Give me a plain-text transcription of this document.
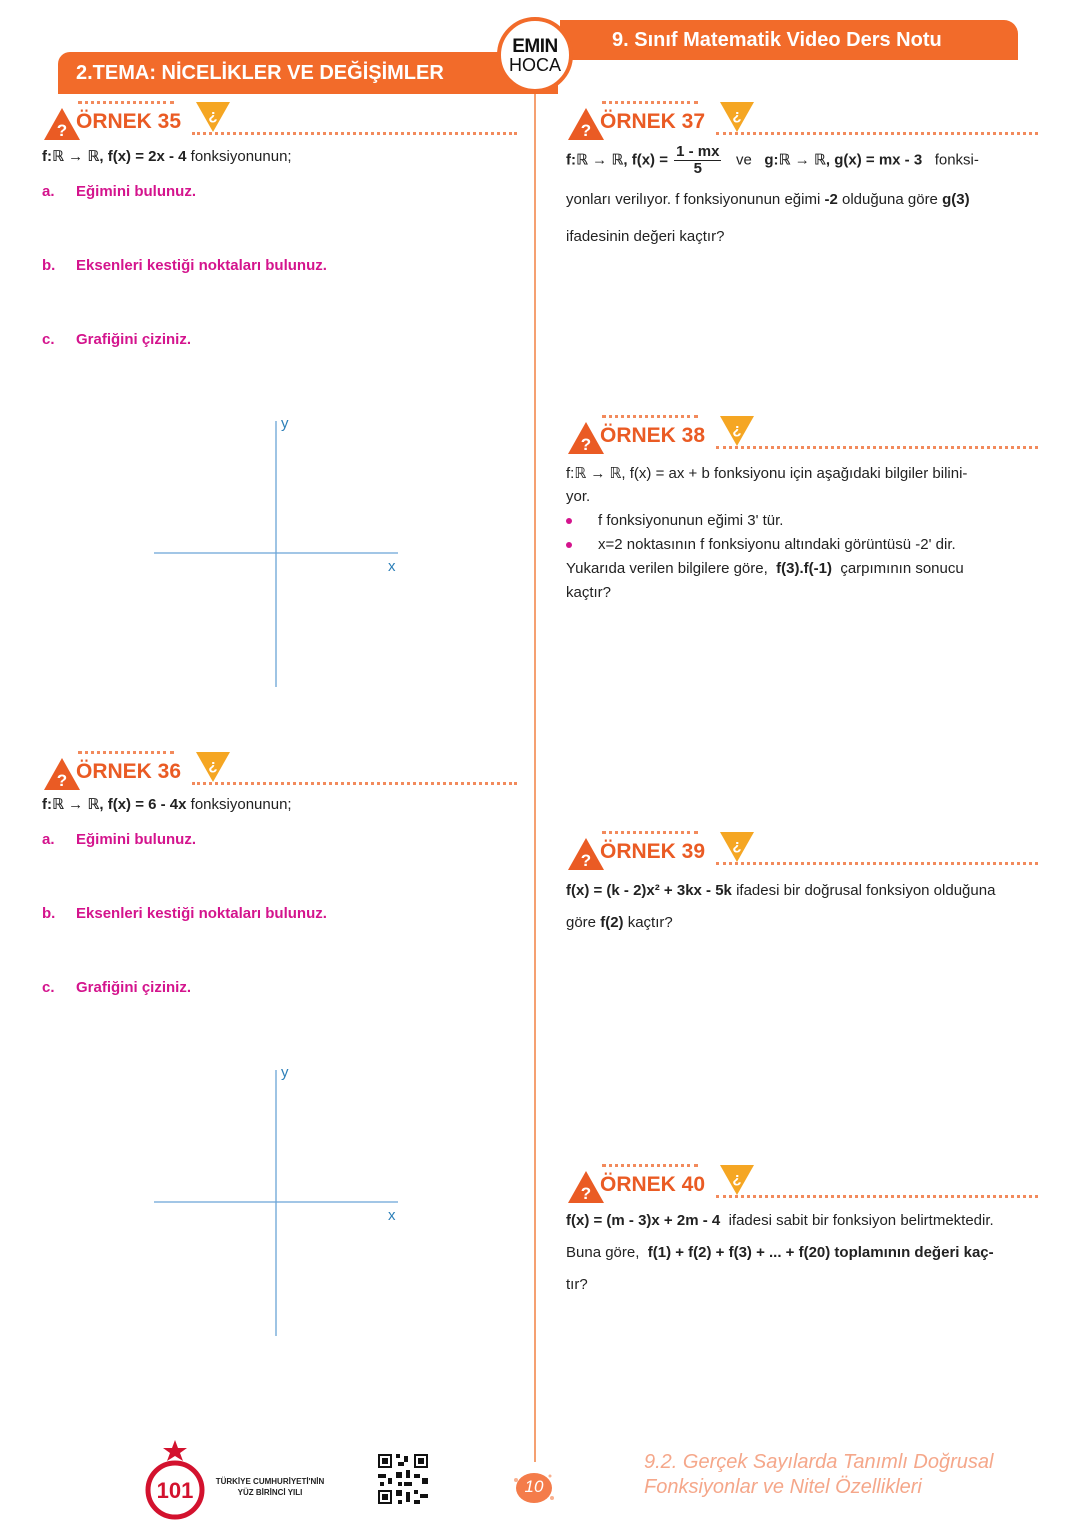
9. Sınıf Matematik Video Ders Notu
2.TEMA: NİCELİKLER VE DEĞİŞİMLER
EMIN
HOCA
? ÖRNEK 35 ¿
f:ℝ → ℝ, f(x) = 2x - 4 fonksiyonunun;
a. Eğimini bulunuz.
b. Eksenleri kestiği noktaları bulunuz.
c. Grafiğini çiziniz.
y
x
? ÖRNEK 36 ¿
f:ℝ → ℝ, f(x) = 6 - 4x fonksiyonunun;
a. Eğimini bulunuz.
b. Eksenleri kestiği noktaları bulunuz.
c. Grafiğini çiziniz.
y
x
? ÖRNEK 37 ¿
f:ℝ → ℝ, $f(x) = \frac{1 - mx}{5}$ ve g:ℝ → ℝ, g(x) = mx - 3 fonksi-
yonları verilıyor. f fonksiyonunun eğimi -2 olduğuna göre g(3)
ifadesinin değeri kaçtır?
? ÖRNEK 38 ¿
f:ℝ → ℝ, f(x) = ax + b fonksiyonu için aşağıdaki bilgiler bilini-
yor.
f fonksiyonunun eğimi 3' tür.
x=2 noktasının f fonksiyonu altındaki görüntüsü -2' dir.
Yukarıda verilen bilgilere göre, f(3).f(-1) çarpımının sonucu
kaçtır?
? ÖRNEK 39 ¿
f(x) = (k - 2)x² + 3kx - 5k ifadesi bir doğrusal fonksiyon olduğuna
göre f(2) kaçtır?
? ÖRNEK 40 ¿
f(x) = (m - 3)x + 2m - 4 ifadesi sabit bir fonksiyon belirtmektedir.
Buna göre, f(1) + f(2) + f(3) + ... + f(20) toplamının değeri kaç-
tır?
101	TÜRKİYE CUMHURİYETİ'NİN
YÜZ BİRİNCİ YILI	10
9.2. Gerçek Sayılarda Tanımlı Doğrusal
Fonksiyonlar ve Nitel Özellikleri
